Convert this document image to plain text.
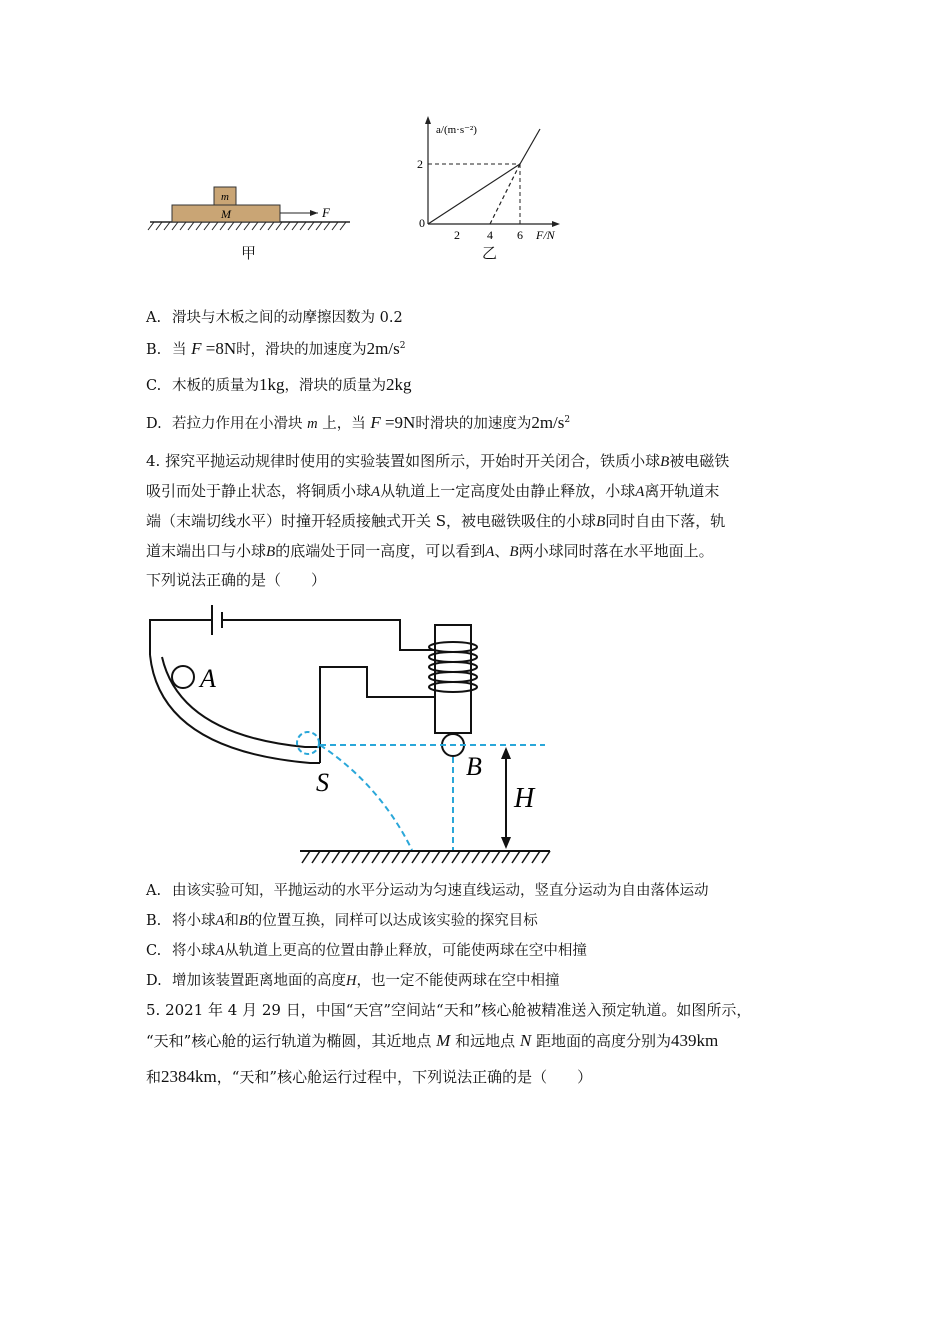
m
M	F
甲
a/(m·s⁻²)
F/N
0
2 4 6
2
乙
A. 滑块与木板之间的动摩擦因数为 0.2
B. 当 F =8N时，滑块的加速度为$2m/s^2$
C. 木板的质量为1kg，滑块的质量为2kg
D. 若拉力作用在小滑块 m 上，当 F =9N时滑块的加速度为$2m/s^2$
4. 探究平抛运动规律时使用的实验装置如图所示，开始时开关闭合，铁质小球B被电磁铁
吸引而处于静止状态，将铜质小球A从轨道上一定高度处由静止释放，小球A离开轨道末
端（末端切线水平）时撞开轻质接触式开关 S，被电磁铁吸住的小球B同时自由下落，轨
道末端出口与小球B的底端处于同一高度，可以看到A、B两小球同时落在水平地面上。
下列说法正确的是（　　）
A
B
S
H
A. 由该实验可知，平抛运动的水平分运动为匀速直线运动，竖直分运动为自由落体运动
B. 将小球A和B的位置互换，同样可以达成该实验的探究目标
C. 将小球A从轨道上更高的位置由静止释放，可能使两球在空中相撞
D. 增加该装置距离地面的高度H，也一定不能使两球在空中相撞
5. 2021 年 4 月 29 日，中国“天宫”空间站“天和”核心舱被精准送入预定轨道。如图所示，
“天和”核心舱的运行轨道为椭圆，其近地点 M 和远地点 N 距地面的高度分别为439km
和2384km，“天和”核心舱运行过程中，下列说法正确的是（　　）
